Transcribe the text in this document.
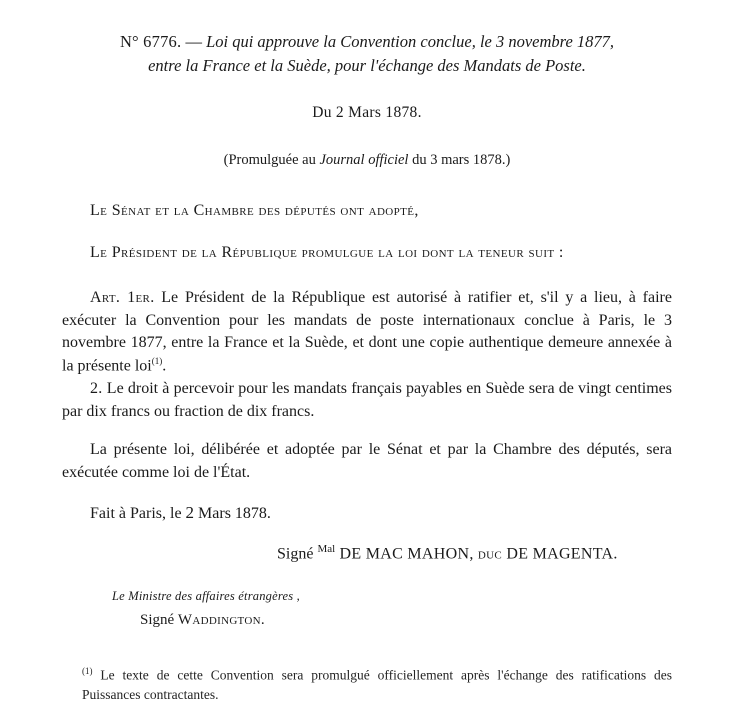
N° 6776. — Loi qui approuve la Convention conclue, le 3 novembre 1877,
entre la France et la Suède, pour l'échange des Mandats de Poste.
Du 2 Mars 1878.
(Promulguée au Journal officiel du 3 mars 1878.)
Le Sénat et la Chambre des députés ont adopté,
Le Président de la République promulgue la loi dont la teneur suit :

Art. 1er. Le Président de la République est autorisé à ratifier et, s'il y a lieu, à faire exécuter la Convention pour les mandats de poste internationaux conclue à Paris, le 3 novembre 1877, entre la France et la Suède, et dont une copie authentique demeure annexée à la présente loi$^{(1)}$.

2. Le droit à percevoir pour les mandats français payables en Suède sera de vingt centimes par dix francs ou fraction de dix francs.

La présente loi, délibérée et adoptée par le Sénat et par la Chambre des députés, sera exécutée comme loi de l'État.

Fait à Paris, le 2 Mars 1878.
Signé $^{Mal}$ DE MAC MAHON, duc DE MAGENTA.
Le Ministre des affaires étrangères ,
Signé Waddington.
$^{(1)}$ Le texte de cette Convention sera promulgué officiellement après l'échange des ratifications des Puissances contractantes.
